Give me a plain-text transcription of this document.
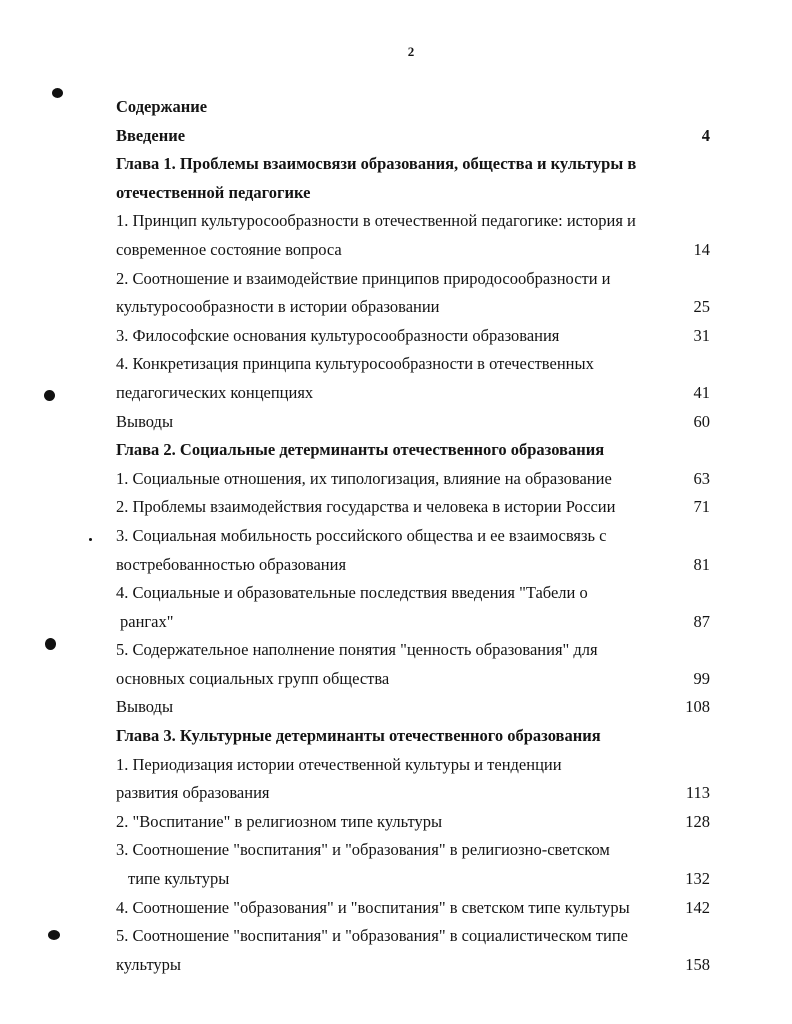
2
Содержание
Введение	4
Глава 1. Проблемы взаимосвязи образования, общества и культуры в
отечественной педагогике
1. Принцип культуросообразности в отечественной педагогике: история и
современное состояние вопроса	14
2. Соотношение и взаимодействие принципов природосообразности и
культуросообразности в истории образовании	25
3. Философские основания культуросообразности образования	31
4. Конкретизация принципа культуросообразности в отечественных
педагогических концепциях	41
Выводы	60
Глава 2. Социальные детерминанты отечественного образования
1. Социальные отношения, их типологизация, влияние на образование	63
2. Проблемы взаимодействия государства и человека в истории России	71
3. Социальная мобильность российского общества и ее взаимосвязь с
востребованностью образования	81
4. Социальные и образовательные последствия введения "Табели о
рангах"	87
5. Содержательное наполнение понятия "ценность образования" для
основных социальных групп общества	99
Выводы	108
Глава 3. Культурные детерминанты отечественного образования
1. Периодизация истории отечественной культуры и тенденции
развития образования	113
2. "Воспитание" в религиозном типе культуры	128
3. Соотношение "воспитания" и "образования" в религиозно-светском
типе культуры	132
4. Соотношение "образования" и "воспитания" в светском типе культуры	142
5. Соотношение "воспитания" и "образования" в социалистическом типе
культуры	158
